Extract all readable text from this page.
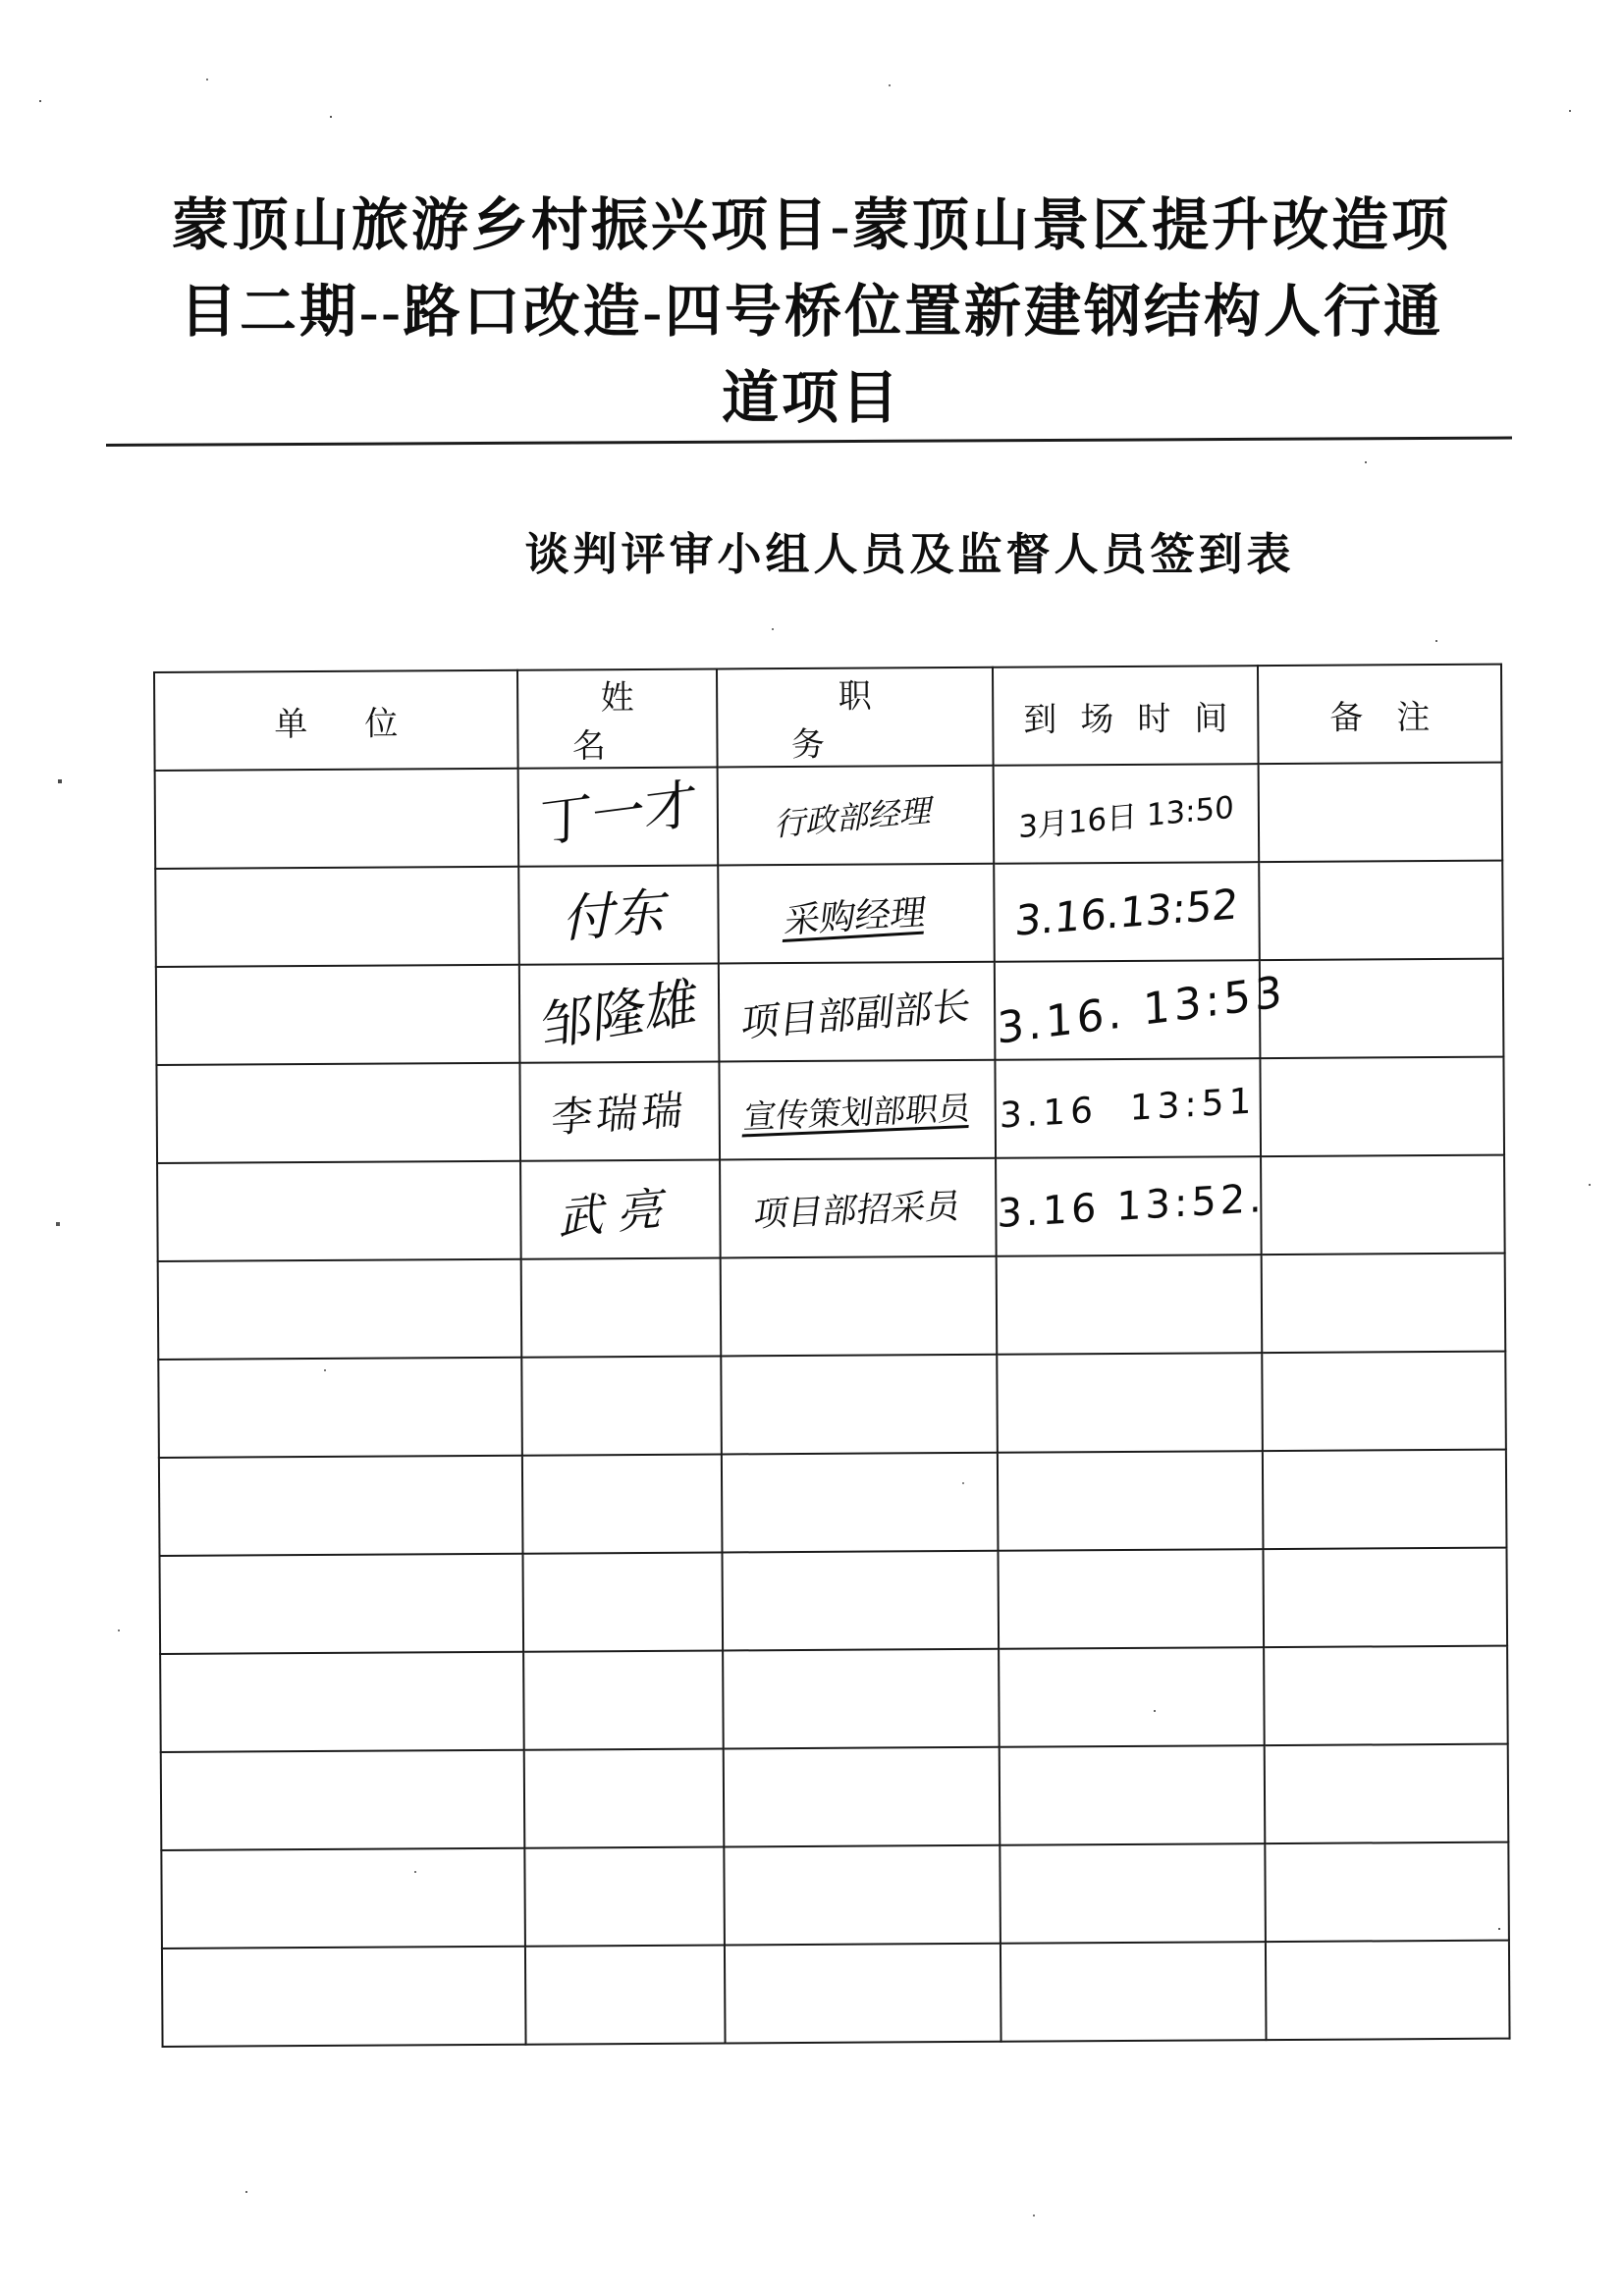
蒙顶山旅游乡村振兴项目-蒙顶山景区提升改造项
目二期--路口改造-四号桥位置新建钢结构人行通
道项目
谈判评审小组人员及监督人员签到表
单位	姓名	职务	到场时间	备注
	丁一才	行政部经理	3月16日 13:50	
	付东	采购经理	3.16.13:52	
	邹隆雄	项目部副部长	3.16. 13:53	
	李瑞瑞	宣传策划部职员	3.16  13:51	
	武亮	项目部招采员	3.16 13:52.	
